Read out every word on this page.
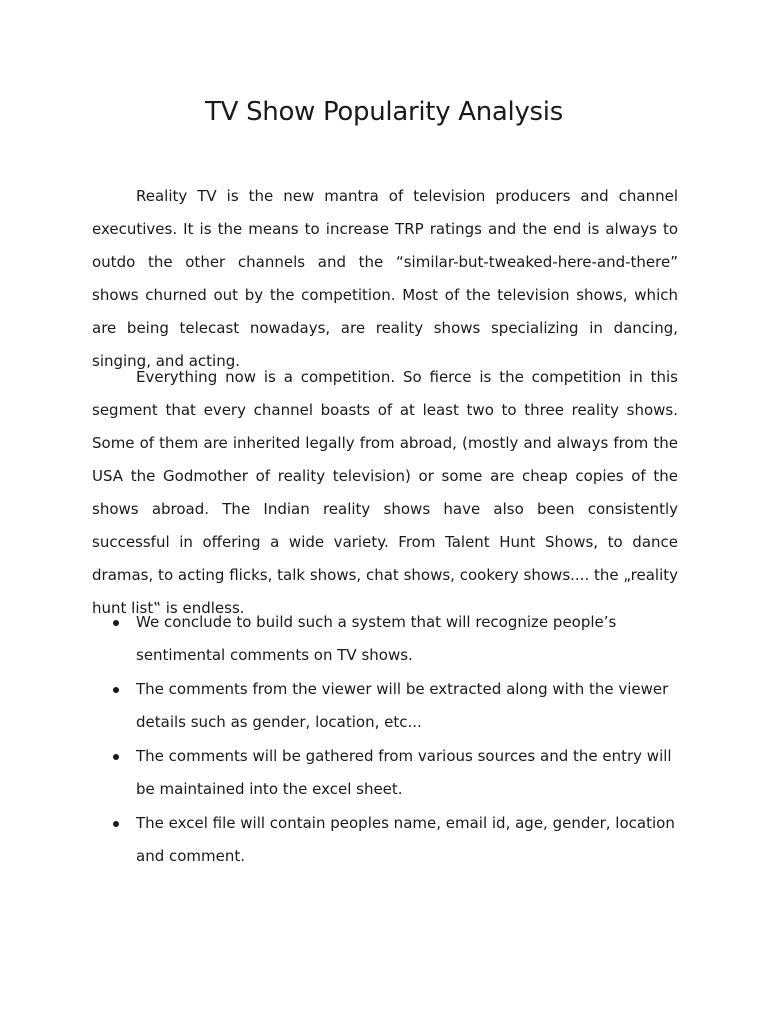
TV Show Popularity Analysis

Reality TV is the new mantra of television producers and channel executives. It is the means to increase TRP ratings and the end is always to outdo the other channels and the “similar-but-tweaked-here-and-there” shows churned out by the competition. Most of the television shows, which are being telecast nowadays, are reality shows specializing in dancing, singing, and acting.

Everything now is a competition. So fierce is the competition in this segment that every channel boasts of at least two to three reality shows. Some of them are inherited legally from abroad, (mostly and always from the USA the Godmother of reality television) or some are cheap copies of the shows abroad. The Indian reality shows have also been consistently successful in offering a wide variety. From Talent Hunt Shows, to dance dramas, to acting flicks, talk shows, chat shows, cookery shows.... the „reality hunt list‟ is endless.

We conclude to build such a system that will recognize people’s sentimental comments on TV shows.
The comments from the viewer will be extracted along with the viewer details such as gender, location, etc...
The comments will be gathered from various sources and the entry will be maintained into the excel sheet.
The excel file will contain peoples name, email id, age, gender, location and comment.
